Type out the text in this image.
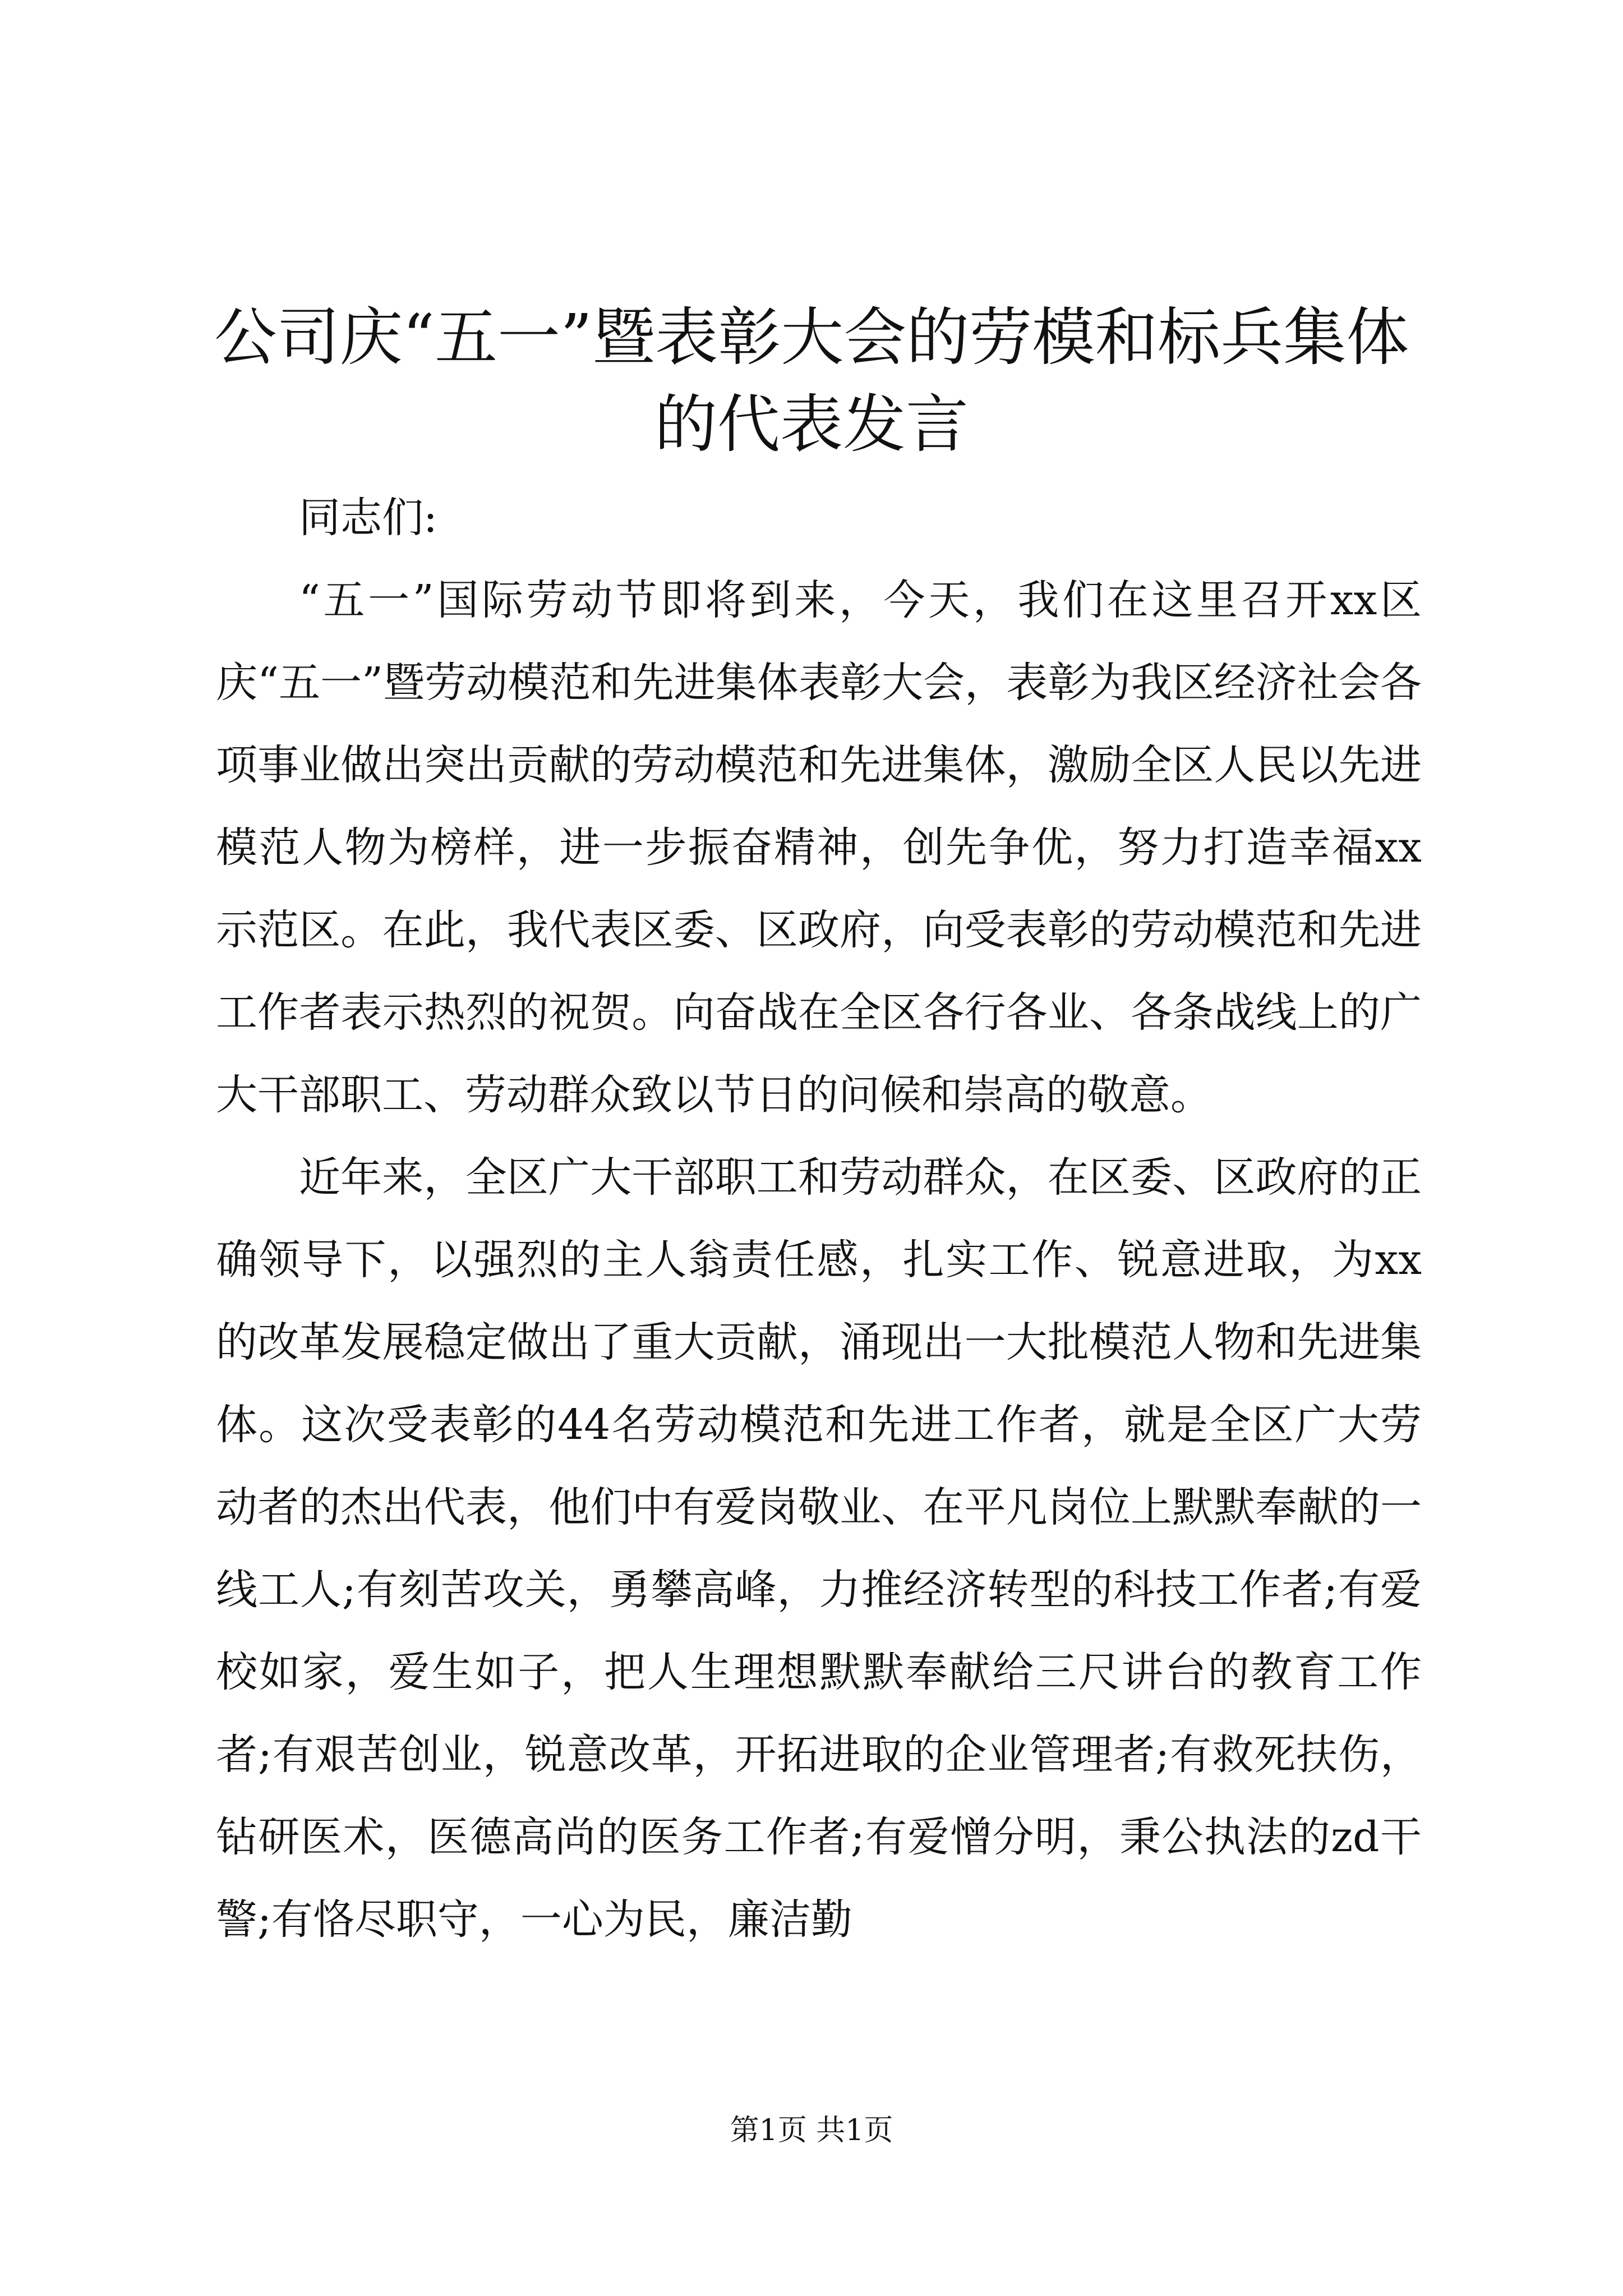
公司庆“五一”暨表彰大会的劳模和标兵集体
的代表发言

同志们:

“五一”国际劳动节即将到来，今天，我们在这里召开xx区庆“五一”暨劳动模范和先进集体表彰大会，表彰为我区经济社会各项事业做出突出贡献的劳动模范和先进集体，激励全区人民以先进模范人物为榜样，进一步振奋精神，创先争优，努力打造幸福xx示范区。在此，我代表区委、区政府，向受表彰的劳动模范和先进工作者表示热烈的祝贺。向奋战在全区各行各业、各条战线上的广大干部职工、劳动群众致以节日的问候和崇高的敬意。

近年来，全区广大干部职工和劳动群众，在区委、区政府的正确领导下，以强烈的主人翁责任感，扎实工作、锐意进取，为xx的改革发展稳定做出了重大贡献，涌现出一大批模范人物和先进集体。这次受表彰的44名劳动模范和先进工作者，就是全区广大劳动者的杰出代表，他们中有爱岗敬业、在平凡岗位上默默奉献的一线工人;有刻苦攻关，勇攀高峰，力推经济转型的科技工作者;有爱校如家，爱生如子，把人生理想默默奉献给三尺讲台的教育工作者;有艰苦创业，锐意改革，开拓进取的企业管理者;有救死扶伤，钻研医术，医德高尚的医务工作者;有爱憎分明，秉公执法的zd干警;有恪尽职守，一心为民，廉洁勤

第1页 共1页
